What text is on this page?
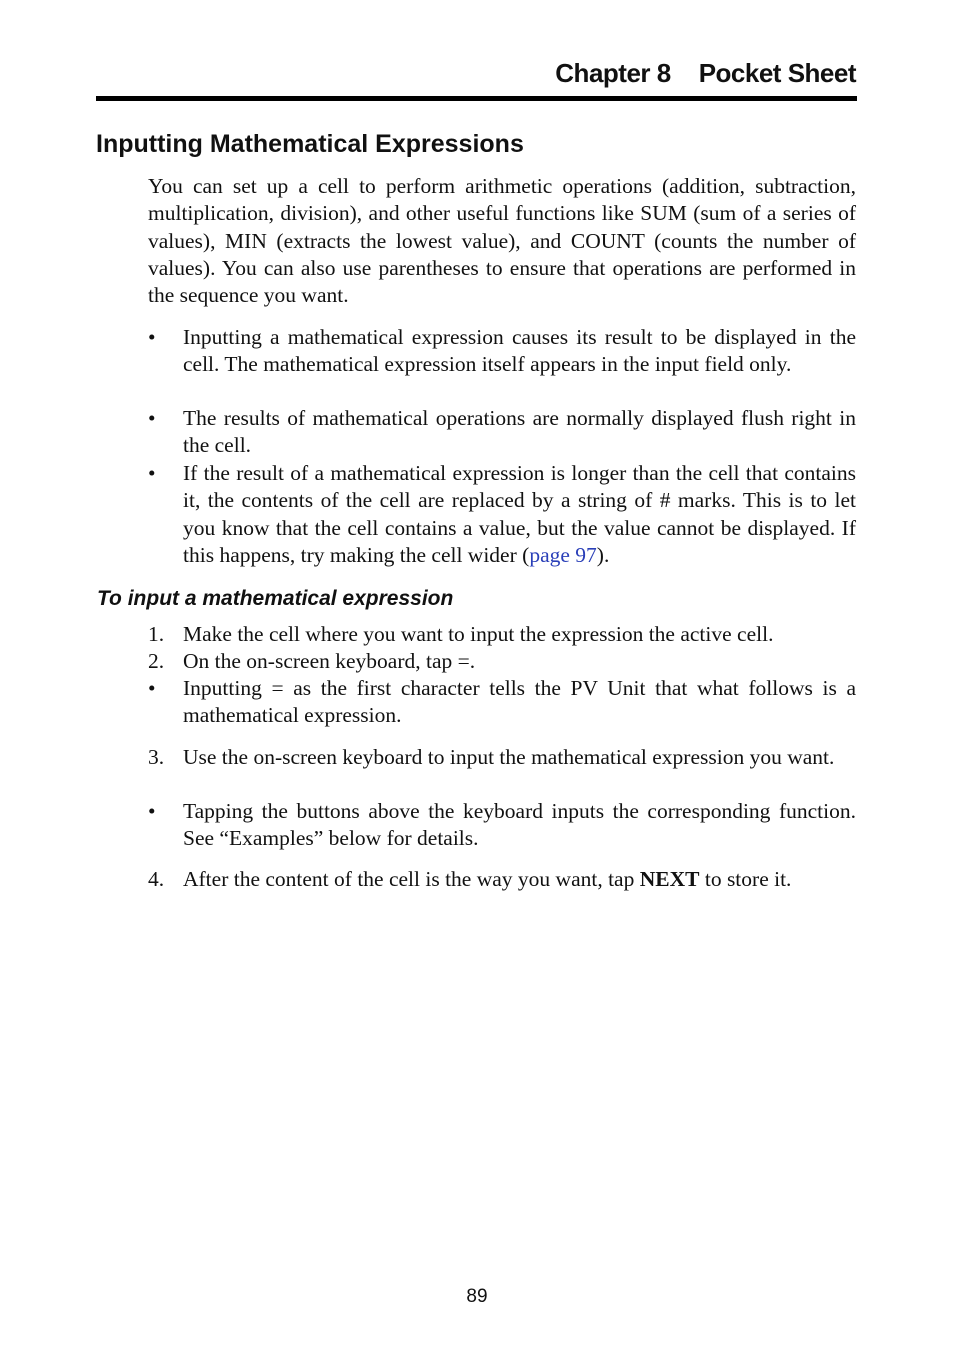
Chapter 8 Pocket Sheet
Inputting Mathematical Expressions
You can set up a cell to perform arithmetic operations (addition, subtraction, multiplication, division), and other useful functions like SUM (sum of a series of values), MIN (extracts the lowest value), and COUNT (counts the number of values). You can also use parentheses to ensure that operations are performed in the sequence you want.
•	Inputting a mathematical expression causes its result to be displayed in the cell. The mathematical expression itself appears in the input field only.
•	The results of mathematical operations are normally displayed flush right in the cell.
•	If the result of a mathematical expression is longer than the cell that contains it, the contents of the cell are replaced by a string of # marks. This is to let you know that the cell contains a value, but the value cannot be displayed. If this happens, try making the cell wider (page 97).
To input a mathematical expression
1. Make the cell where you want to input the expression the active cell.
2. On the on-screen keyboard, tap =.
•	Inputting = as the first character tells the PV Unit that what follows is a mathematical expression.
3. Use the on-screen keyboard to input the mathematical expression you want.
•	Tapping the buttons above the keyboard inputs the corresponding function. See “Examples” below for details.
4. After the content of the cell is the way you want, tap NEXT to store it.
89
